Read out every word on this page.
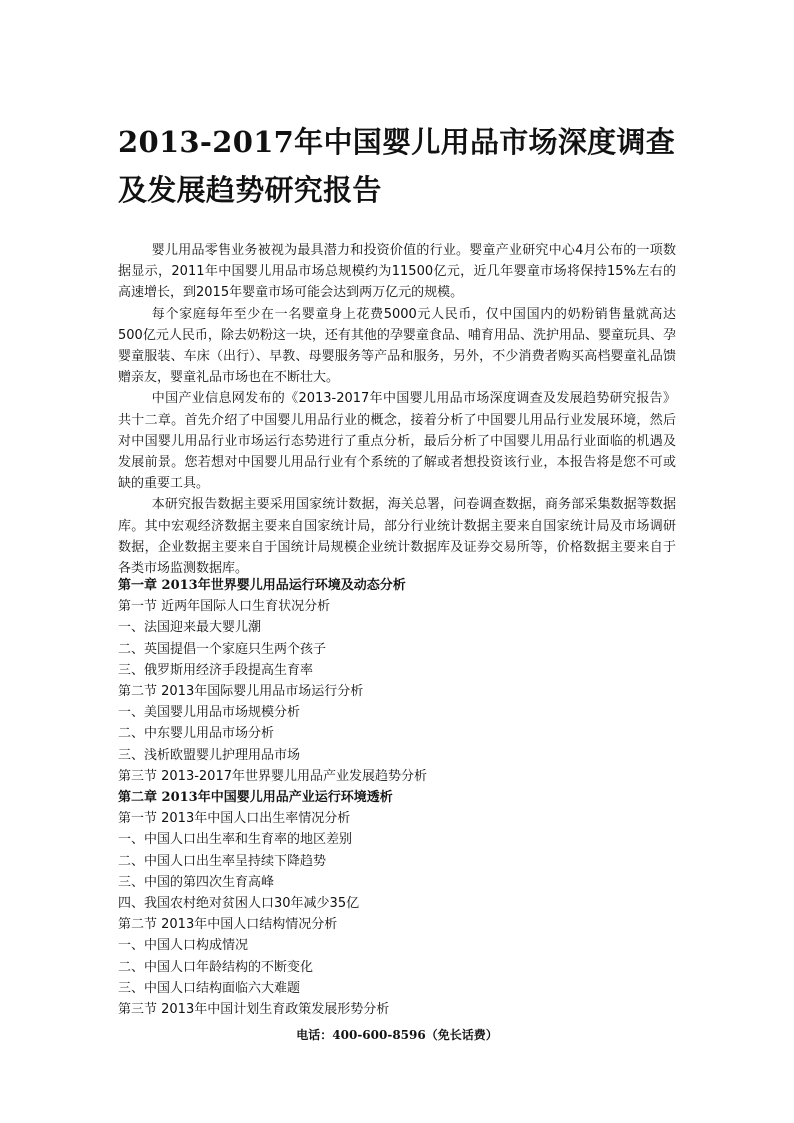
2013-2017年中国婴儿用品市场深度调查及发展趋势研究报告

婴儿用品零售业务被视为最具潜力和投资价值的行业。婴童产业研究中心4月公布的一项数据显示，2011年中国婴儿用品市场总规模约为11500亿元，近几年婴童市场将保持15%左右的高速增长，到2015年婴童市场可能会达到两万亿元的规模。

每个家庭每年至少在一名婴童身上花费5000元人民币，仅中国国内的奶粉销售量就高达500亿元人民币，除去奶粉这一块，还有其他的孕婴童食品、哺育用品、洗护用品、婴童玩具、孕婴童服装、车床（出行）、早教、母婴服务等产品和服务，另外，不少消费者购买高档婴童礼品馈赠亲友，婴童礼品市场也在不断壮大。

中国产业信息网发布的《2013-2017年中国婴儿用品市场深度调查及发展趋势研究报告》共十二章。首先介绍了中国婴儿用品行业的概念，接着分析了中国婴儿用品行业发展环境，然后对中国婴儿用品行业市场运行态势进行了重点分析，最后分析了中国婴儿用品行业面临的机遇及发展前景。您若想对中国婴儿用品行业有个系统的了解或者想投资该行业，本报告将是您不可或缺的重要工具。

本研究报告数据主要采用国家统计数据，海关总署，问卷调查数据，商务部采集数据等数据库。其中宏观经济数据主要来自国家统计局，部分行业统计数据主要来自国家统计局及市场调研数据，企业数据主要来自于国统计局规模企业统计数据库及证券交易所等，价格数据主要来自于各类市场监测数据库。

第一章 2013年世界婴儿用品运行环境及动态分析
第一节 近两年国际人口生育状况分析
一、法国迎来最大婴儿潮
二、英国提倡一个家庭只生两个孩子
三、俄罗斯用经济手段提高生育率
第二节 2013年国际婴儿用品市场运行分析
一、美国婴儿用品市场规模分析
二、中东婴儿用品市场分析
三、浅析欧盟婴儿护理用品市场
第三节 2013-2017年世界婴儿用品产业发展趋势分析
第二章 2013年中国婴儿用品产业运行环境透析
第一节 2013年中国人口出生率情况分析
一、中国人口出生率和生育率的地区差别
二、中国人口出生率呈持续下降趋势
三、中国的第四次生育高峰
四、我国农村绝对贫困人口30年减少35亿
第二节 2013年中国人口结构情况分析
一、中国人口构成情况
二、中国人口年龄结构的不断变化
三、中国人口结构面临六大难题
第三节 2013年中国计划生育政策发展形势分析
电话：400-600-8596（免长话费）
